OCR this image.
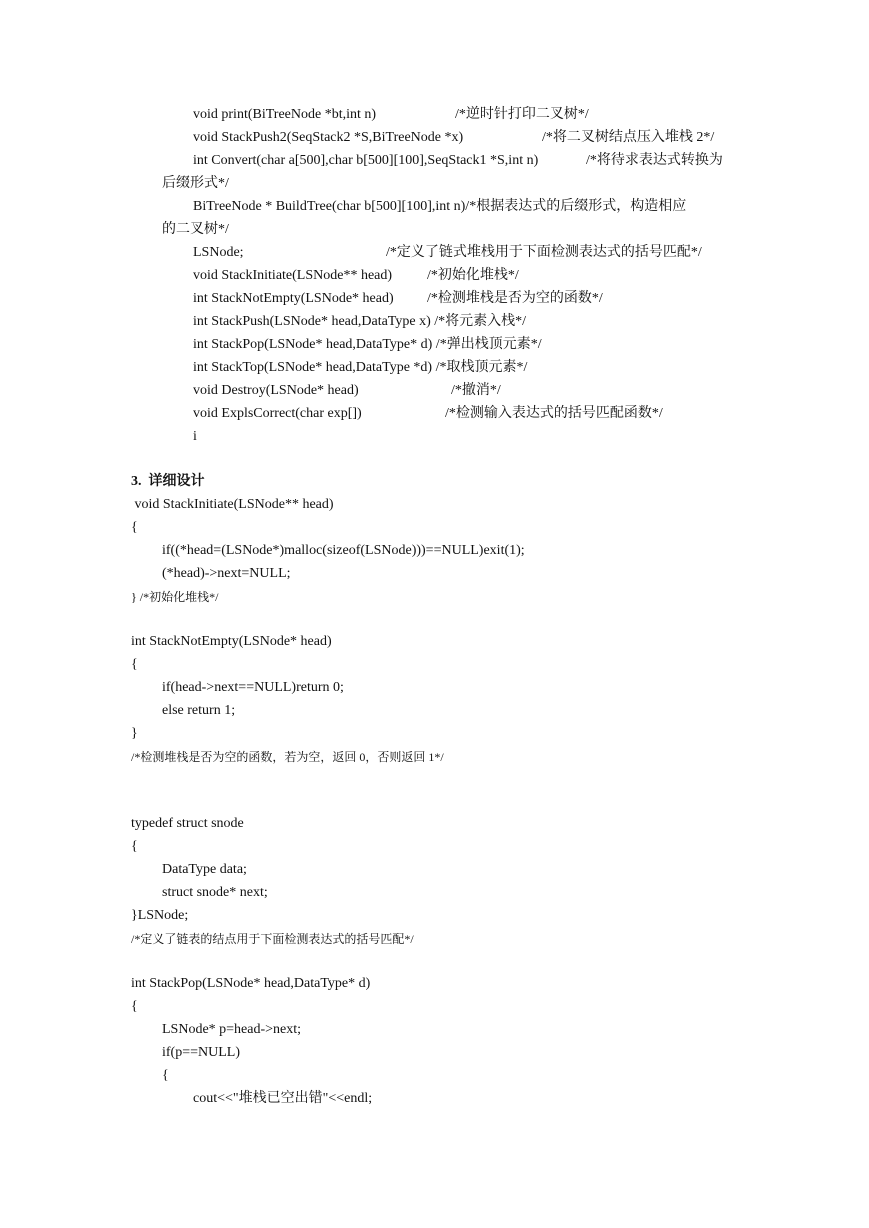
void print(BiTreeNode *bt,int n)	/*逆时针打印二叉树*/
void StackPush2(SeqStack2 *S,BiTreeNode *x)	/*将二叉树结点压入堆栈 2*/
int Convert(char a[500],char b[500][100],SeqStack1 *S,int n)	/*将待求表达式转换为
后缀形式*/
BiTreeNode * BuildTree(char b[500][100],int n)/*根据表达式的后缀形式，构造相应
的二叉树*/
LSNode;	/*定义了链式堆栈用于下面检测表达式的括号匹配*/
void StackInitiate(LSNode** head) /*初始化堆栈*/
int StackNotEmpty(LSNode* head) /*检测堆栈是否为空的函数*/
int StackPush(LSNode* head,DataType x) /*将元素入栈*/
int StackPop(LSNode* head,DataType* d) /*弹出栈顶元素*/
int StackTop(LSNode* head,DataType *d) /*取栈顶元素*/
void Destroy(LSNode* head)	/*撤消*/
void ExplsCorrect(char exp[])	/*检测输入表达式的括号匹配函数*/
i
3.  详细设计
void StackInitiate(LSNode** head)
{
if((*head=(LSNode*)malloc(sizeof(LSNode)))==NULL)exit(1);
(*head)->next=NULL;
} /*初始化堆栈*/
int StackNotEmpty(LSNode* head)
{
if(head->next==NULL)return 0;
else return 1;
}
/*检测堆栈是否为空的函数，若为空，返回 0，否则返回 1*/
typedef struct snode
{
DataType data;
struct snode* next;
}LSNode;
/*定义了链表的结点用于下面检测表达式的括号匹配*/
int StackPop(LSNode* head,DataType* d)
{
LSNode* p=head->next;
if(p==NULL)
{
cout<<"堆栈已空出错"<<endl;
